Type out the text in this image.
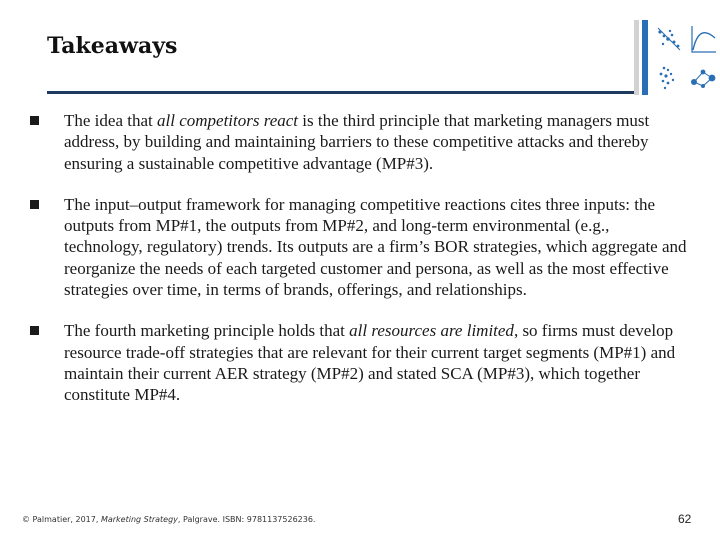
Takeaways
The idea that all competitors react is the third principle that marketing managers must address, by building and maintaining barriers to these competitive attacks and thereby ensuring a sustainable competitive advantage (MP#3).
The input–output framework for managing competitive reactions cites three inputs: the outputs from MP#1, the outputs from MP#2, and long-term environmental (e.g., technology, regulatory) trends. Its outputs are a firm’s BOR strategies, which aggregate and reorganize the needs of each targeted customer and persona, as well as the most effective strategies over time, in terms of brands, offerings, and relationships.
The fourth marketing principle holds that all resources are limited, so firms must develop resource trade-off strategies that are relevant for their current target segments (MP#1) and maintain their current AER strategy (MP#2) and stated SCA (MP#3), which together constitute MP#4.
© Palmatier, 2017, Marketing Strategy, Palgrave. ISBN: 9781137526236.	62
